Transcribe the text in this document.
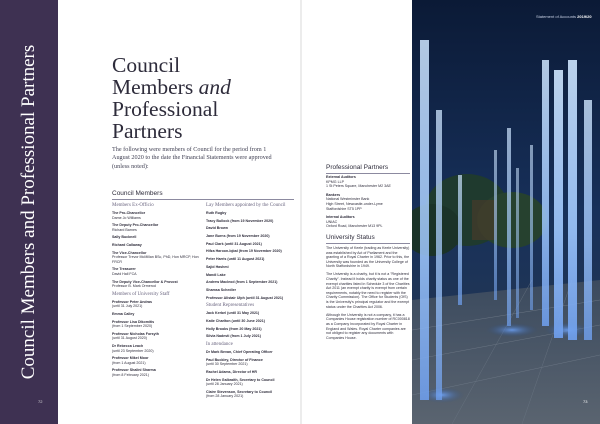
Council Members and Professional Partners
72
Council
Members and
Professional
Partners
The following were members of Council for the period from 1 August 2020 to the date the Financial Statements were approved (unless noted):
Council Members
Members Ex-Officio
The Pro-Chancellor
Dame Jo Williams
The Deputy Pro-Chancellor
Richard Barnes
Sally Bucknell
Richard Callaway
The Vice-Chancellor
Professor Trevor McMillan BSc, PhD, Hon MRCP, Hon FRCR
The Treasurer
David Hall FCA
The Deputy Vice-Chancellor & Provost
Professor B. Mark Ormerod
Members of University Staff
Professor Peter Andras
(until 31 July 2021)
Emma Calley
Professor Lisa Dikomitis
(from 1 September 2020)
Professor Nicholas Forsyth
(until 31 August 2020)
Dr Rebecca Leach
(until 23 September 2020)
Professor Mikel Moor
(from 1 August 2021)
Professor Shalini Sharma
(from 8 February 2021)
Lay Members appointed by the Council
Ruth Rugby
Tracy Bullock (from 19 November 2020)
David Brown
Jane Burns (from 19 November 2020)
Paul Clark (until 31 August 2021)
Hifza Haroon-Iqbal (from 19 November 2020)
Peter Harris (until 11 August 2021)
Sajid Hashmi
Mandi Lake
Andrew Macleod (from 1 September 2021)
Shamsa Schedler
Professor Alistair Ulph (until 31 August 2021)
Student Representatives
Jack Kerbel (until 31 May 2021)
Katie Charlton (until 30 June 2021)
Holly Brooks (from 20 May 2021)
Silvia Nadesti (from 1 July 2021)
In attendance
Dr Mark Bevan, Chief Operating Officer
Paul Buckley, Director of Finance
(until 30 September 2021)
Rachel Adams, Director of HR
Dr Helen Galbraith, Secretary to Council
(until 28 January 2021)
Claire Stevenson, Secretary to Council
(from 28 January 2021)
Professional Partners
External Auditors
KPMG LLP
1 St Peters Square, Manchester M2 3AE
Bankers
National Westminster Bank
High Street, Newcastle-under-Lyme
Staffordshire ST5 1PP
Internal Auditors
UNIAC
Oxford Road, Manchester M13 9PL
University Status

The University of Keele (trading as Keele University) was established by Act of Parliament and the granting of a Royal Charter in 1962. Prior to this, the University was founded as the University College of North Staffordshire in 1949.

The University is a charity, but it is not a "Registered Charity". Instead it holds charity status as one of the exempt charities listed in Schedule 3 of the Charities Act 2011 (an exempt charity is exempt from certain requirements, notably the need to register with the Charity Commission). The Office for Students (OfS) is the University's principal regulator and the exempt status under the Charities Act 2006.

Although the University is not a company, it has a Companies House registration number of RC000818 as a Company Incorporated by Royal Charter in England and Wales. Royal Charter companies are not obliged to register any documents with Companies House.

73
Statement of Accounts 2019/20
